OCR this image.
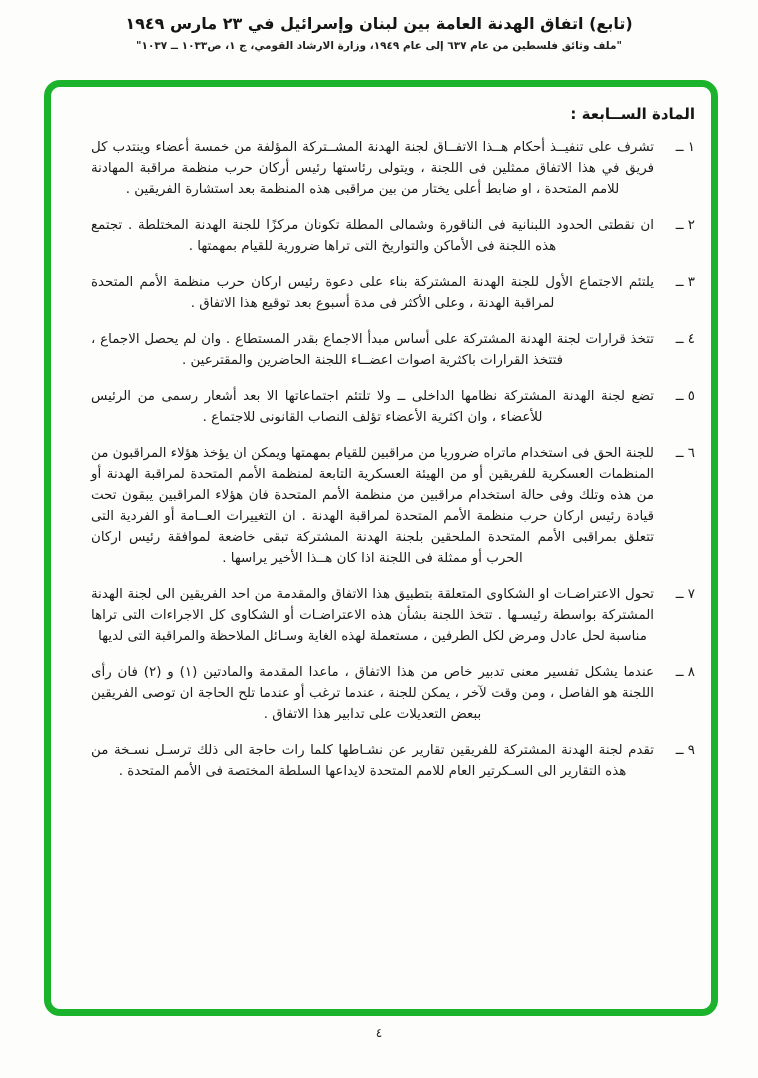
(تابع) اتفاق الهدنة العامة بين لبنان وإسرائيل في ٢٣ مارس ١٩٤٩
"ملف وثائق فلسطين من عام ٦٣٧ إلى عام ١٩٤٩، وزارة الارشاد القومي، ج ١، ص١٠٣٣ ــ ١٠٣٧"
المادة الســابعة :
١ ــ
تشرف على تنفيــذ أحكام هــذا الاتفــاق لجنة الهدنة المشــتركة المؤلفة من خمسة أعضاء وينتدب كل فريق في هذا الاتفاق ممثلين فى اللجنة ، ويتولى رئاستها رئيس أركان حرب منظمة مراقبة المهادنة للامم المتحدة ، او ضابط أعلى يختار من بين مراقبى هذه المنظمة بعد استشارة الفريقين .
٢ ــ
ان نقطتى الحدود اللبنانية فى الناقورة وشمالى المطلة تكونان مركزًا للجنة الهدنة المختلطة . تجتمع هذه اللجنة فى الأماكن والتواريخ التى تراها ضرورية للقيام بمهمتها .
٣ ــ
يلتئم الاجتماع الأول للجنة الهدنة المشتركة بناء على دعوة رئيس اركان حرب منظمة الأمم المتحدة لمراقبة الهدنة ، وعلى الأكثر فى مدة أسبوع بعد توقيع هذا الاتفاق .
٤ ــ
تتخذ قرارات لجنة الهدنة المشتركة على أساس مبدأ الاجماع بقدر المستطاع . وان لم يحصل الاجماع ، فتتخذ القرارات باكثرية اصوات اعضــاء اللجنة الحاضرين والمقترعين .
٥ ــ
تضع لجنة الهدنة المشتركة نظامها الداخلى ــ ولا تلتئم اجتماعاتها الا بعد أشعار رسمى من الرئيس للأعضاء ، وان اكثرية الأعضاء تؤلف النصاب القانونى للاجتماع .
٦ ــ
للجنة الحق فى استخدام ماتراه ضروريا من مراقبين للقيام بمهمتها ويمكن ان يؤخذ هؤلاء المراقبون من المنظمات العسكرية للفريقين أو من الهيئة العسكرية التابعة لمنظمة الأمم المتحدة لمراقبة الهدنة أو من هذه وتلك وفى حالة استخدام مراقبين من منظمة الأمم المتحدة فان هؤلاء المراقبين يبقون تحت قيادة رئيس اركان حرب منظمة الأمم المتحدة لمراقبة الهدنة . ان التغييرات العــامة أو الفردية التى تتعلق بمراقبى الأمم المتحدة الملحقين بلجنة الهدنة المشتركة تبقى خاضعة لموافقة رئيس اركان الحرب أو ممثلة فى اللجنة اذا كان هــذا الأخير يراسها .
٧ ــ
تحول الاعتراضـات او الشكاوى المتعلقة بتطبيق هذا الاتفاق والمقدمة من احد الفريقين الى لجنة الهدنة المشتركة بواسطة رئيسـها . تتخذ اللجنة بشأن هذه الاعتراضـات أو الشكاوى كل الاجراءات التى تراها مناسبة لحل عادل ومرض لكل الطرفين ، مستعملة لهذه الغاية وسـائل الملاحظة والمراقبة التى لديها
٨ ــ
عندما يشكل تفسير معنى تدبير خاص من هذا الاتفاق ، ماعدا المقدمة والمادتين (١) و (٢) فان رأى اللجنة هو الفاصل ، ومن وقت لآخر ، يمكن للجنة ، عندما ترغب أو عندما تلح الحاجة ان توصى الفريقين ببعض التعديلات على تدابير هذا الاتفاق .
٩ ــ
تقدم لجنة الهدنة المشتركة للفريقين تقارير عن نشـاطها كلما رات حاجة الى ذلك ترسـل نسـخة من هذه التقارير الى السـكرتير العام للامم المتحدة لايداعها السلطة المختصة فى الأمم المتحدة .
٤
